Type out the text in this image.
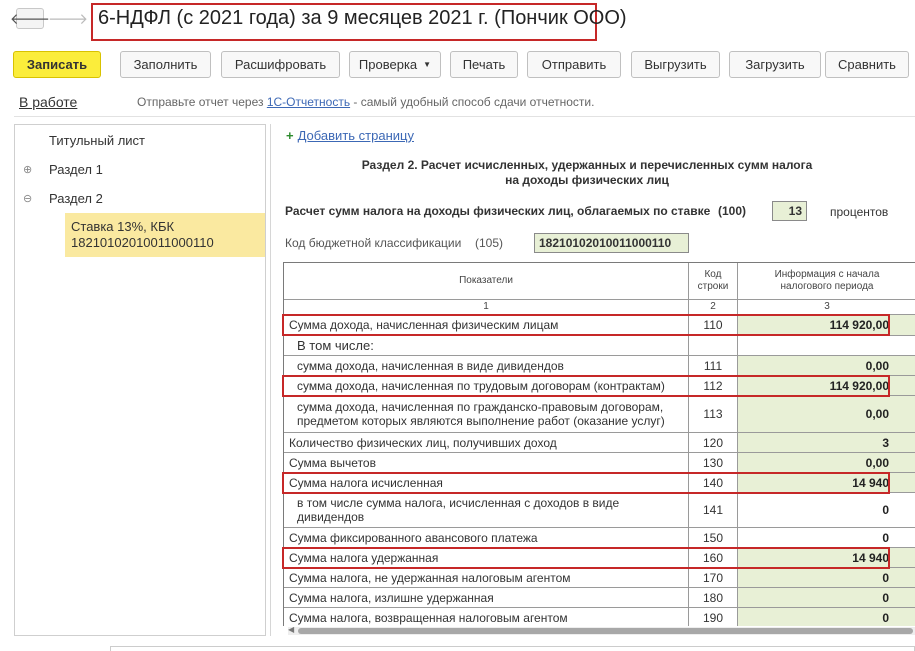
🡐
🡒 6-НДФЛ (с 2021 года) за 9 месяцев 2021 г. (Пончик ООО)
Записать	Заполнить	Расшифровать	Проверка ▼	Печать	Отправить	Выгрузить	Загрузить	Сравнить
В работе	Отправьте отчет через 1С-Отчетность - самый удобный способ сдачи отчетности.
Титульный лист
⊕ Раздел 1
⊖ Раздел 2
Ставка 13%, КБК
18210102010011000110
+ Добавить страницу
Раздел 2. Расчет исчисленных, удержанных и перечисленных сумм налога
на доходы физических лиц
Расчет сумм налога на доходы физических лиц, облагаемых по ставке (100)	13	процентов
Код бюджетной классификации (105)	18210102010011000110
Показатели
Код
строки
Информация с начала
налогового периода
1	2	3
Сумма дохода, начисленная физическим лицам	110	114 920,00
В том числе:
сумма дохода, начисленная в виде дивидендов	111	0,00
сумма дохода, начисленная по трудовым договорам (контрактам)	112	114 920,00
сумма дохода, начисленная по гражданско-правовым договорам,
предметом которых являются выполнение работ (оказание услуг)	113	0,00
Количество физических лиц, получивших доход	120	3
Сумма вычетов	130	0,00
Сумма налога исчисленная	140	14 940
в том числе сумма налога, исчисленная с доходов в виде
дивидендов	141	0
Сумма фиксированного авансового платежа	150	0
Сумма налога удержанная	160	14 940
Сумма налога, не удержанная налоговым агентом	170	0
Сумма налога, излишне удержанная	180	0
Сумма налога, возвращенная налоговым агентом	190	0
◀
